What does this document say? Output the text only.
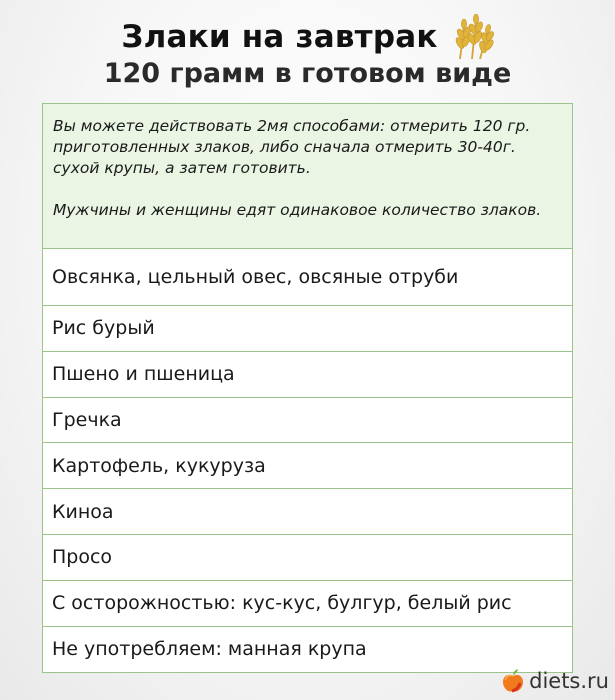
Злаки на завтрак
120 грамм в готовом виде

Вы можете действовать 2мя способами: отмерить 120 гр. приготовленных злаков, либо сначала отмерить 30-40г. сухой крупы, а затем готовить.

Мужчины и женщины едят одинаковое количество злаков.

Овсянка, цельный овес, овсяные отруби
Рис бурый
Пшено и пшеница
Гречка
Картофель, кукуруза
Киноа
Просо
С осторожностью: кус-кус, булгур, белый рис
Не употребляем: манная крупа
diets.ru
